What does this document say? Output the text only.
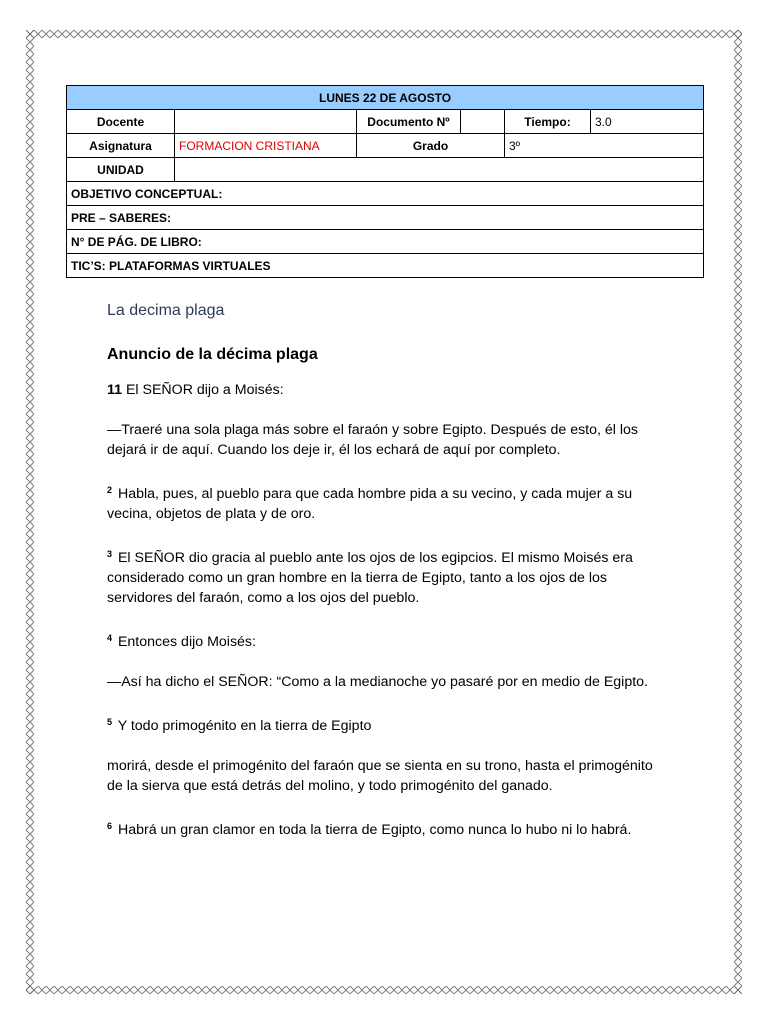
LUNES 22 DE AGOSTO					
Docente		Documento Nº		Tiempo:	3.0
Asignatura	FORMACION CRISTIANA	Grado		3º	
UNIDAD					
OBJETIVO CONCEPTUAL:					
PRE – SABERES:					
N° DE PÁG. DE LIBRO:					
TIC’S: PLATAFORMAS VIRTUALES					
La decima plaga
Anuncio de la décima plaga

11 El SEÑOR dijo a Moisés:

—Traeré una sola plaga más sobre el faraón y sobre Egipto. Después de esto, él los dejará ir de aquí. Cuando los deje ir, él los echará de aquí por completo.

$^2$ Habla, pues, al pueblo para que cada hombre pida a su vecino, y cada mujer a su vecina, objetos de plata y de oro.

$^3$ El SEÑOR dio gracia al pueblo ante los ojos de los egipcios. El mismo Moisés era considerado como un gran hombre en la tierra de Egipto, tanto a los ojos de los servidores del faraón, como a los ojos del pueblo.

$^4$ Entonces dijo Moisés:

—Así ha dicho el SEÑOR: “Como a la medianoche yo pasaré por en medio de Egipto.

$^5$ Y todo primogénito en la tierra de Egipto

morirá, desde el primogénito del faraón que se sienta en su trono, hasta el primogénito de la sierva que está detrás del molino, y todo primogénito del ganado.

$^6$ Habrá un gran clamor en toda la tierra de Egipto, como nunca lo hubo ni lo habrá.
